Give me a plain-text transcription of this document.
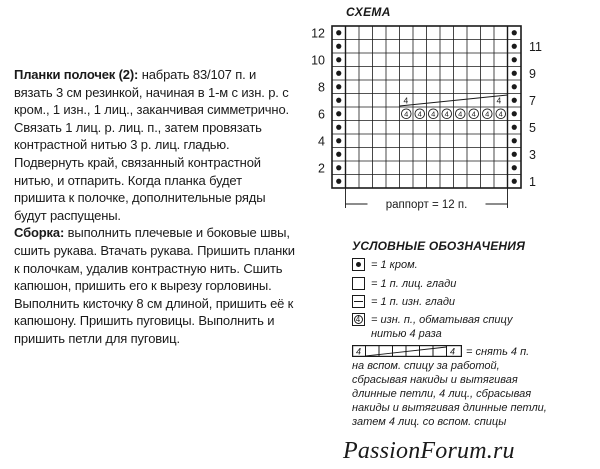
Планки полочек (2): набрать 83/107 п. и вязать 3 см резинкой, начиная в 1-м с изн. р. с кром., 1 изн., 1 лиц., заканчивая симметрично. Связать 1 лиц. р. лиц. п., затем провязать контрастной нитью 3 р. лиц. гладью. Подвернуть край, связанный контрастной нитью, и отпарить. Когда планка будет пришита к полочке, дополнительные ряды будут распущены.

Сборка: выполнить плечевые и боковые швы, сшить рукава. Втачать рукава. Пришить планки к полочкам, удалив контрастную нить. Сшить капюшон, пришить его к вырезу горловины. Выполнить кисточку 8 см длиной, пришить её к капюшону. Пришить пуговицы. Выполнить и пришить петли для пуговиц.

СХЕМА
4 4 4 4 4 4 4 4
4	4
12
10
8
6
4
2
11
9
7
5
3
1
раппорт = 12 п.
УСЛОВНЫЕ ОБОЗНАЧЕНИЯ
= 1 кром.
= 1 п. лиц. глади
= 1 п. изн. глади
4 = изн. п., обматывая спицу нитью 4 раза
4	4 = снять 4 п.
на вспом. спицу за работой, сбрасывая накиды и вытягивая длинные петли, 4 лиц., сбрасывая накиды и вытягивая длинные петли, затем 4 лиц. со вспом. спицы
PassionForum.ru
